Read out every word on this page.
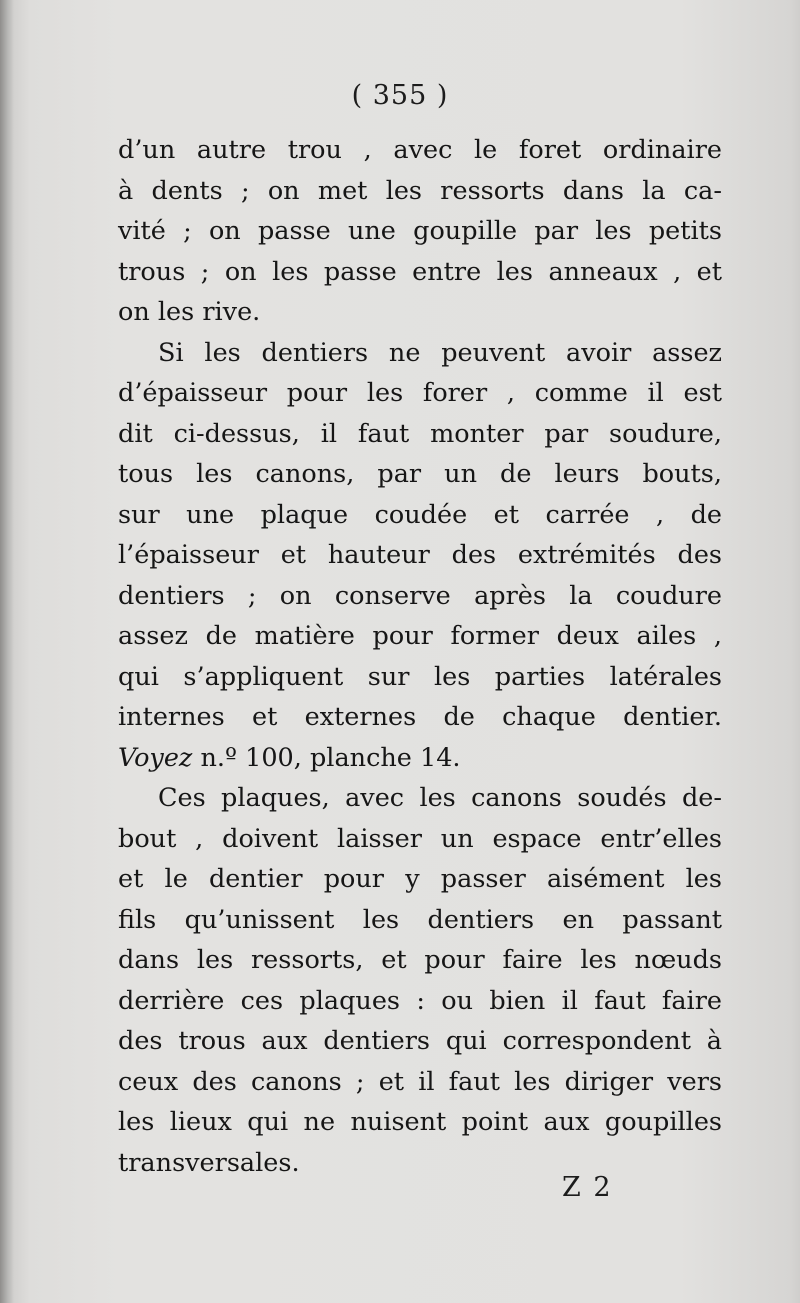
( 355 )
d’un autre trou , avec le foret ordinaire
à dents ; on met les ressorts dans la ca-
vité ; on passe une goupille par les petits
trous ; on les passe entre les anneaux , et
on les rive.
Si les dentiers ne peuvent avoir assez
d’épaisseur pour les forer , comme il est
dit ci-dessus, il faut monter par soudure,
tous les canons, par un de leurs bouts,
sur une plaque coudée et carrée , de
l’épaisseur et hauteur des extrémités des
dentiers ; on conserve après la coudure
assez de matière pour former deux ailes ,
qui s’appliquent sur les parties latérales
internes et externes de chaque dentier.
Voyez n.º 100, planche 14.
Ces plaques, avec les canons soudés de-
bout , doivent laisser un espace entr’elles
et le dentier pour y passer aisément les
fils qu’unissent les dentiers en passant
dans les ressorts, et pour faire les nœuds
derrière ces plaques : ou bien il faut faire
des trous aux dentiers qui correspondent à
ceux des canons ; et il faut les diriger vers
les lieux qui ne nuisent point aux goupilles
transversales.
Z 2
